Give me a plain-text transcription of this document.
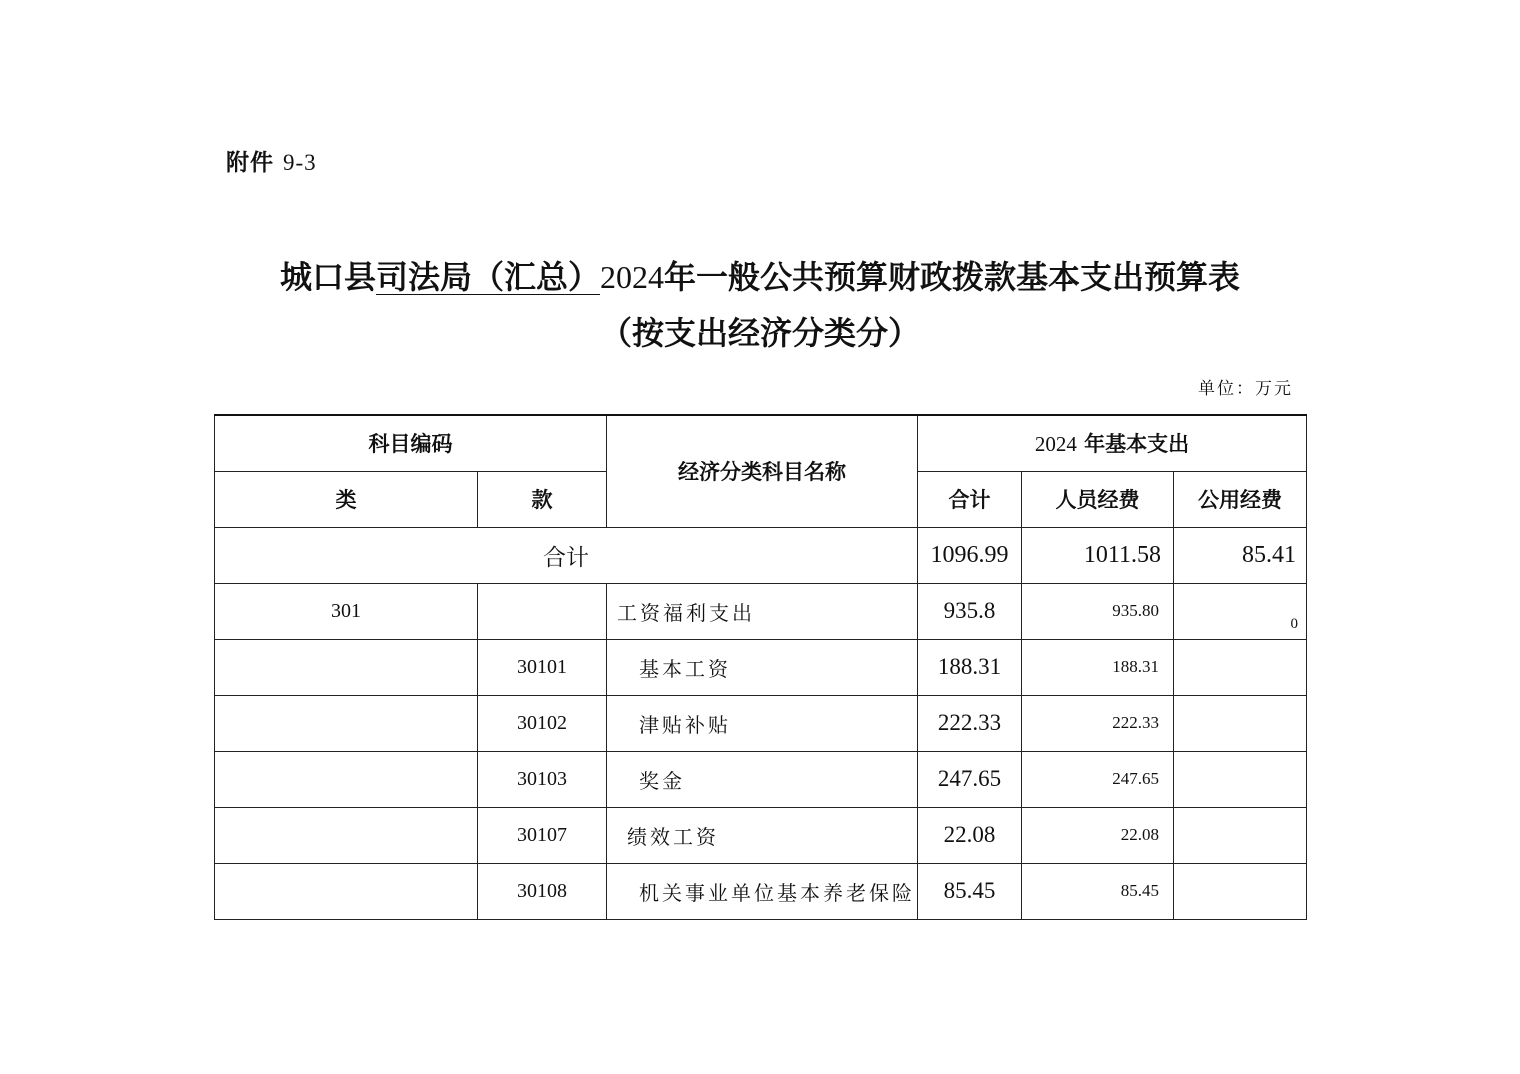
附件 9-3
城口县司法局（汇总）2024年一般公共预算财政拨款基本支出预算表
（按支出经济分类分）
单位：万元
科目编码		经济分类科目名称	2024 年基本支出		
类	款		合计	人员经费	公用经费
合计			1096.99	1011.58	85.41
301		工资福利支出	935.8	935.80	0
	30101	基本工资	188.31	188.31	
	30102	津贴补贴	222.33	222.33	
	30103	奖金	247.65	247.65	
	30107	绩效工资	22.08	22.08	
	30108	机关事业单位基本养老保险	85.45	85.45	
